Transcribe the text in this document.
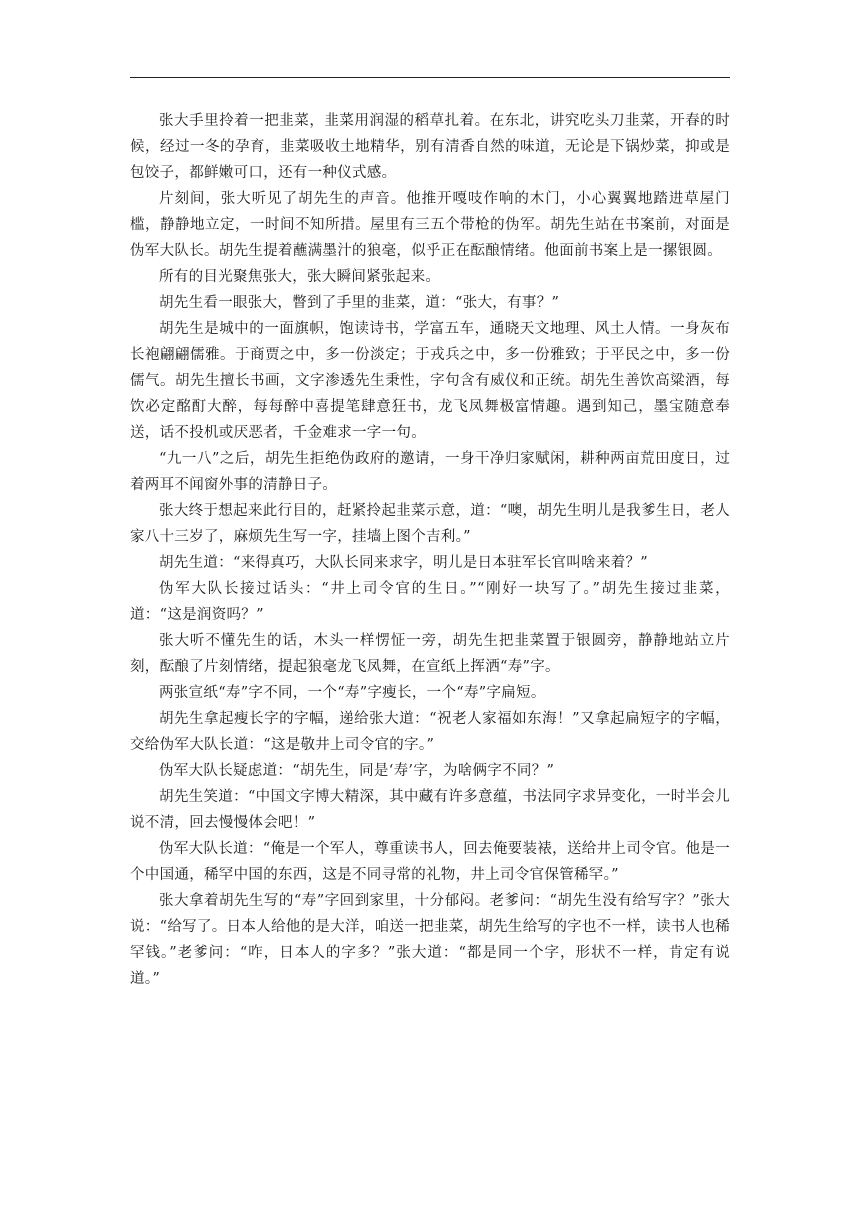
张大手里拎着一把韭菜，韭菜用润湿的稻草扎着。在东北，讲究吃头刀韭菜，开春的时候，经过一冬的孕育，韭菜吸收土地精华，别有清香自然的味道，无论是下锅炒菜，抑或是包饺子，都鲜嫩可口，还有一种仪式感。

片刻间，张大听见了胡先生的声音。他推开嘎吱作响的木门，小心翼翼地踏进草屋门槛，静静地立定，一时间不知所措。屋里有三五个带枪的伪军。胡先生站在书案前，对面是伪军大队长。胡先生提着蘸满墨汁的狼毫，似乎正在酝酿情绪。他面前书案上是一摞银圆。

所有的目光聚焦张大，张大瞬间紧张起来。

胡先生看一眼张大，瞥到了手里的韭菜，道：“张大，有事？”

胡先生是城中的一面旗帜，饱读诗书，学富五车，通晓天文地理、风土人情。一身灰布长袍翩翩儒雅。于商贾之中，多一份淡定；于戎兵之中，多一份雅致；于平民之中，多一份儒气。胡先生擅长书画，文字渗透先生秉性，字句含有威仪和正统。胡先生善饮高粱酒，每饮必定酩酊大醉，每每醉中喜提笔肆意狂书，龙飞凤舞极富情趣。遇到知己，墨宝随意奉送，话不投机或厌恶者，千金难求一字一句。

“九一八”之后，胡先生拒绝伪政府的邀请，一身干净归家赋闲，耕种两亩荒田度日，过着两耳不闻窗外事的清静日子。

张大终于想起来此行目的，赶紧拎起韭菜示意，道：“噢，胡先生明儿是我爹生日，老人家八十三岁了，麻烦先生写一字，挂墙上图个吉利。”

胡先生道：“来得真巧，大队长同来求字，明儿是日本驻军长官叫啥来着？”

伪军大队长接过话头：“井上司令官的生日。”“刚好一块写了。”胡先生接过韭菜，道：“这是润资吗？”

张大听不懂先生的话，木头一样愣怔一旁，胡先生把韭菜置于银圆旁，静静地站立片刻，酝酿了片刻情绪，提起狼毫龙飞凤舞，在宣纸上挥洒“寿”字。

两张宣纸“寿”字不同，一个“寿”字瘦长，一个“寿”字扁短。

胡先生拿起瘦长字的字幅，递给张大道：“祝老人家福如东海！”又拿起扁短字的字幅，交给伪军大队长道：“这是敬井上司令官的字。”

伪军大队长疑虑道：“胡先生，同是‘寿’字，为啥俩字不同？”

胡先生笑道：“中国文字博大精深，其中藏有许多意蕴，书法同字求异变化，一时半会儿说不清，回去慢慢体会吧！”

伪军大队长道：“俺是一个军人，尊重读书人，回去俺要装裱，送给井上司令官。他是一个中国通，稀罕中国的东西，这是不同寻常的礼物，井上司令官保管稀罕。”

张大拿着胡先生写的“寿”字回到家里，十分郁闷。老爹问：“胡先生没有给写字？”张大说：“给写了。日本人给他的是大洋，咱送一把韭菜，胡先生给写的字也不一样，读书人也稀罕钱。”老爹问：“咋，日本人的字多？”张大道：“都是同一个字，形状不一样，肯定有说道。”
